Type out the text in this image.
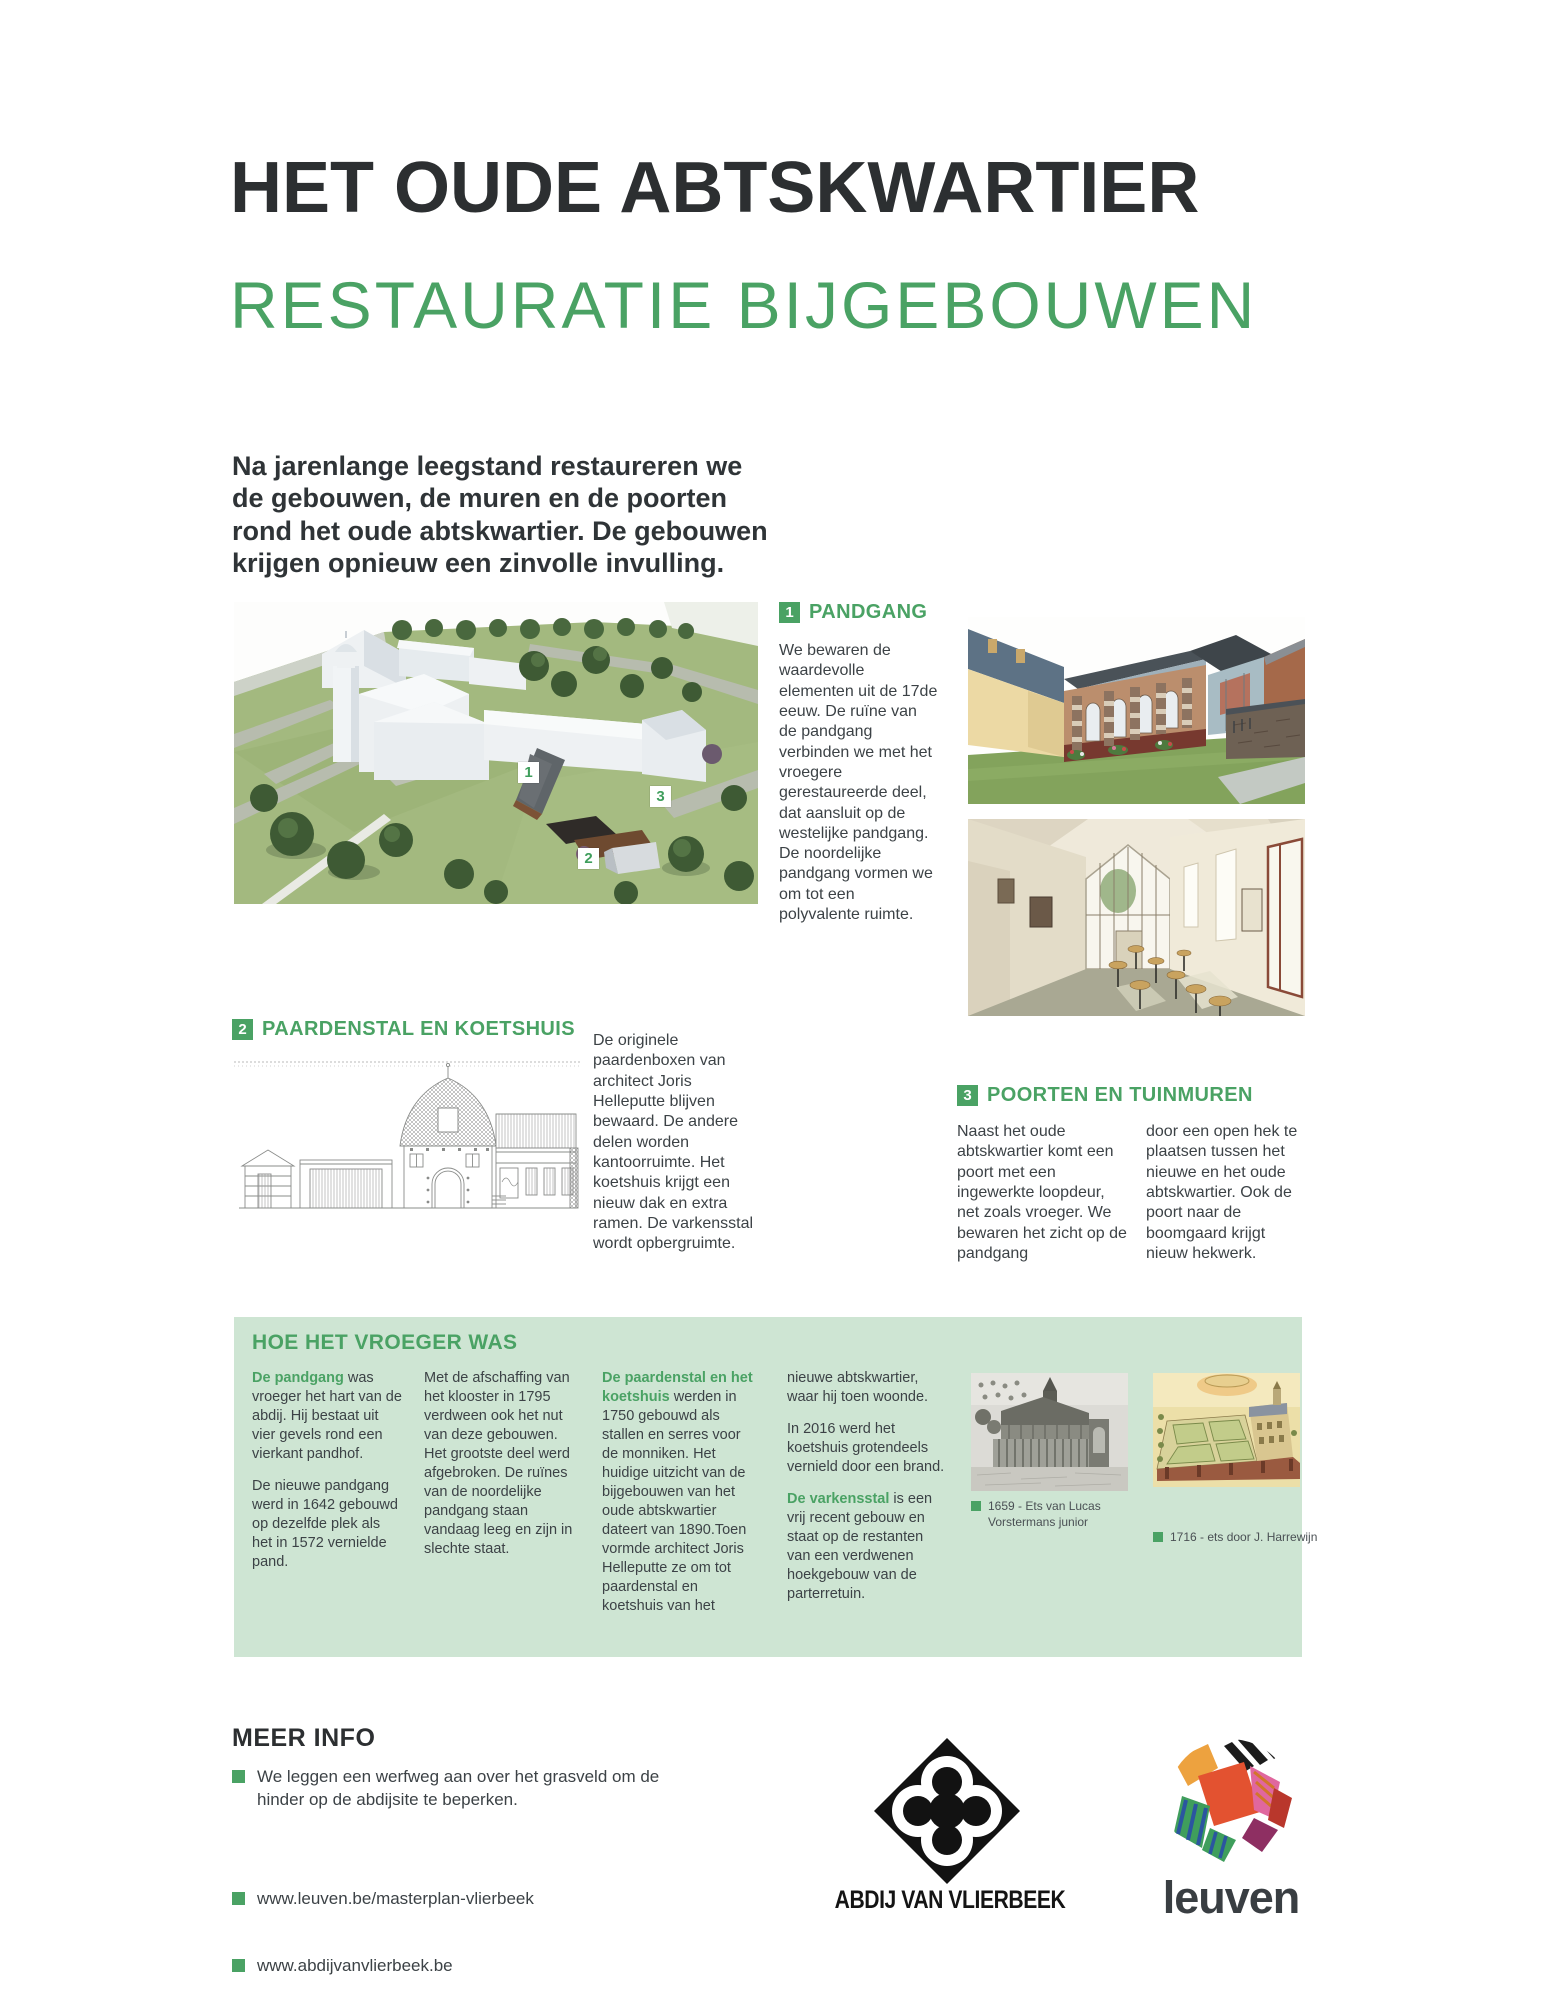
HET OUDE ABTSKWARTIER
RESTAURATIE BIJGEBOUWEN
Na jarenlange leegstand restaureren we de gebouwen, de muren en de poorten rond het oude abtskwartier. De gebouwen krijgen opnieuw een zinvolle invulling.
1
2
3
1 PANDGANG
We bewaren de waardevolle elementen uit de 17de eeuw. De ruïne van de pandgang verbinden we met het vroegere gerestaureerde deel, dat aansluit op de westelijke pandgang. De noordelijke pandgang vormen we om tot een polyvalente ruimte.
2 PAARDENSTAL EN KOETSHUIS
De originele paardenboxen van architect Joris Helleputte blijven bewaard. De andere delen worden kantoorruimte. Het koetshuis krijgt een nieuw dak en extra ramen. De varkensstal wordt opbergruimte.
3 POORTEN EN TUINMUREN
Naast het oude abtskwartier komt een poort met een ingewerkte loopdeur, net zoals vroeger. We bewaren het zicht op de pandgang
door een open hek te plaatsen tussen het nieuwe en het oude abtskwartier. Ook de poort naar de boomgaard krijgt nieuw hekwerk.
HOE HET VROEGER WAS

De pandgang was vroeger het hart van de abdij. Hij bestaat uit vier gevels rond een vierkant pandhof.

De nieuwe pandgang werd in 1642 gebouwd op dezelfde plek als het in 1572 vernielde pand.

Met de afschaffing van het klooster in 1795 verdween ook het nut van deze gebouwen. Het grootste deel werd afgebroken. De ruïnes van de noordelijke pandgang staan vandaag leeg en zijn in slechte staat.

De paardenstal en het koetshuis werden in 1750 gebouwd als stallen en serres voor de monniken. Het huidige uitzicht van de bijgebouwen van het oude abtskwartier dateert van 1890.Toen vormde architect Joris Helleputte ze om tot paardenstal en koetshuis van het

nieuwe abtskwartier, waar hij toen woonde.

In 2016 werd het koetshuis grotendeels vernield door een brand.

De varkensstal is een vrij recent gebouw en staat op de restanten van een verdwenen hoekgebouw van de parterretuin.

1659 - Ets van Lucas Vorstermans junior
1716 - ets door J. Harrewijn
MEER INFO
We leggen een werfweg aan over het grasveld om de hinder op de abdijsite te beperken.
www.leuven.be/masterplan-vlierbeek
www.abdijvanvlierbeek.be
ABDIJ VAN VLIERBEEK	leuven
